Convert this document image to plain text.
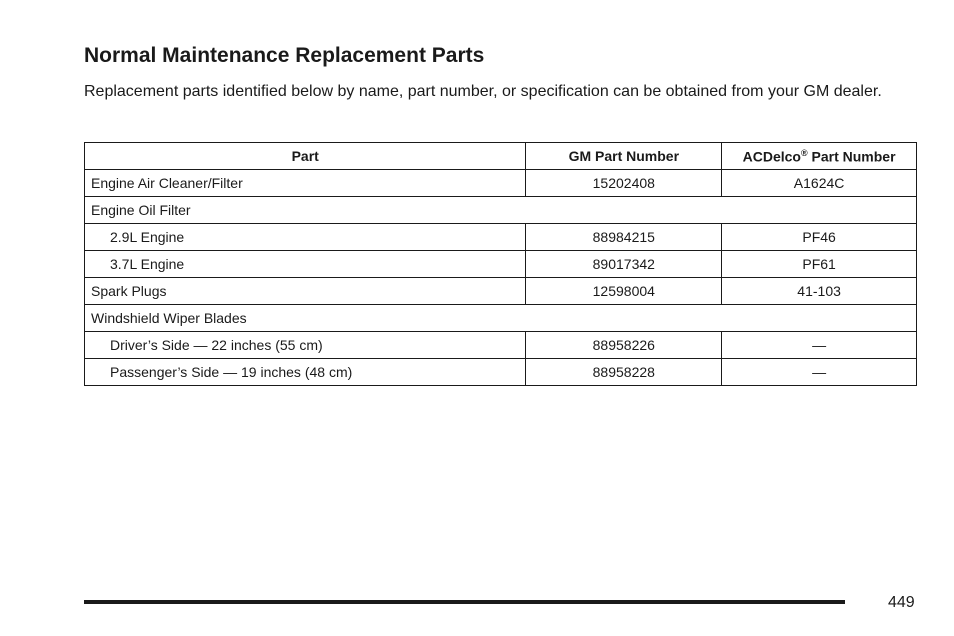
Normal Maintenance Replacement Parts

Replacement parts identified below by name, part number, or specification can be obtained from your GM dealer.

Part	GM Part Number	ACDelco® Part Number
Engine Air Cleaner/Filter	15202408	A1624C
Engine Oil Filter		
2.9L Engine	88984215	PF46
3.7L Engine	89017342	PF61
Spark Plugs	12598004	41-103
Windshield Wiper Blades		
Driver’s Side — 22 inches (55 cm)	88958226	—
Passenger’s Side — 19 inches (48 cm)	88958228	—
449
